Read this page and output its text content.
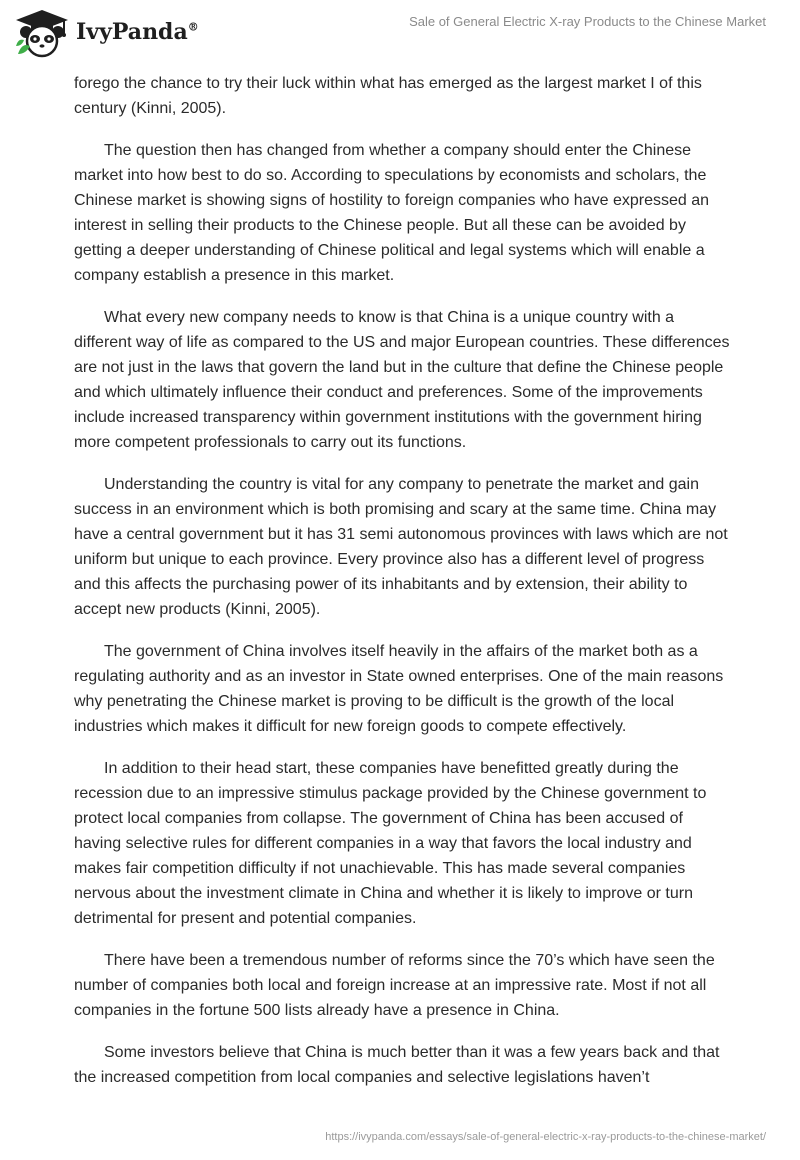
IvyPanda®	Sale of General Electric X-ray Products to the Chinese Market

forego the chance to try their luck within what has emerged as the largest market I of this century (Kinni, 2005).

The question then has changed from whether a company should enter the Chinese market into how best to do so. According to speculations by economists and scholars, the Chinese market is showing signs of hostility to foreign companies who have expressed an interest in selling their products to the Chinese people. But all these can be avoided by getting a deeper understanding of Chinese political and legal systems which will enable a company establish a presence in this market.

What every new company needs to know is that China is a unique country with a different way of life as compared to the US and major European countries. These differences are not just in the laws that govern the land but in the culture that define the Chinese people and which ultimately influence their conduct and preferences. Some of the improvements include increased transparency within government institutions with the government hiring more competent professionals to carry out its functions.

Understanding the country is vital for any company to penetrate the market and gain success in an environment which is both promising and scary at the same time. China may have a central government but it has 31 semi autonomous provinces with laws which are not uniform but unique to each province. Every province also has a different level of progress and this affects the purchasing power of its inhabitants and by extension, their ability to accept new products (Kinni, 2005).

The government of China involves itself heavily in the affairs of the market both as a regulating authority and as an investor in State owned enterprises. One of the main reasons why penetrating the Chinese market is proving to be difficult is the growth of the local industries which makes it difficult for new foreign goods to compete effectively.

In addition to their head start, these companies have benefitted greatly during the recession due to an impressive stimulus package provided by the Chinese government to protect local companies from collapse. The government of China has been accused of having selective rules for different companies in a way that favors the local industry and makes fair competition difficulty if not unachievable. This has made several companies nervous about the investment climate in China and whether it is likely to improve or turn detrimental for present and potential companies.

There have been a tremendous number of reforms since the 70’s which have seen the number of companies both local and foreign increase at an impressive rate. Most if not all companies in the fortune 500 lists already have a presence in China.

Some investors believe that China is much better than it was a few years back and that the increased competition from local companies and selective legislations haven’t

https://ivypanda.com/essays/sale-of-general-electric-x-ray-products-to-the-chinese-market/
